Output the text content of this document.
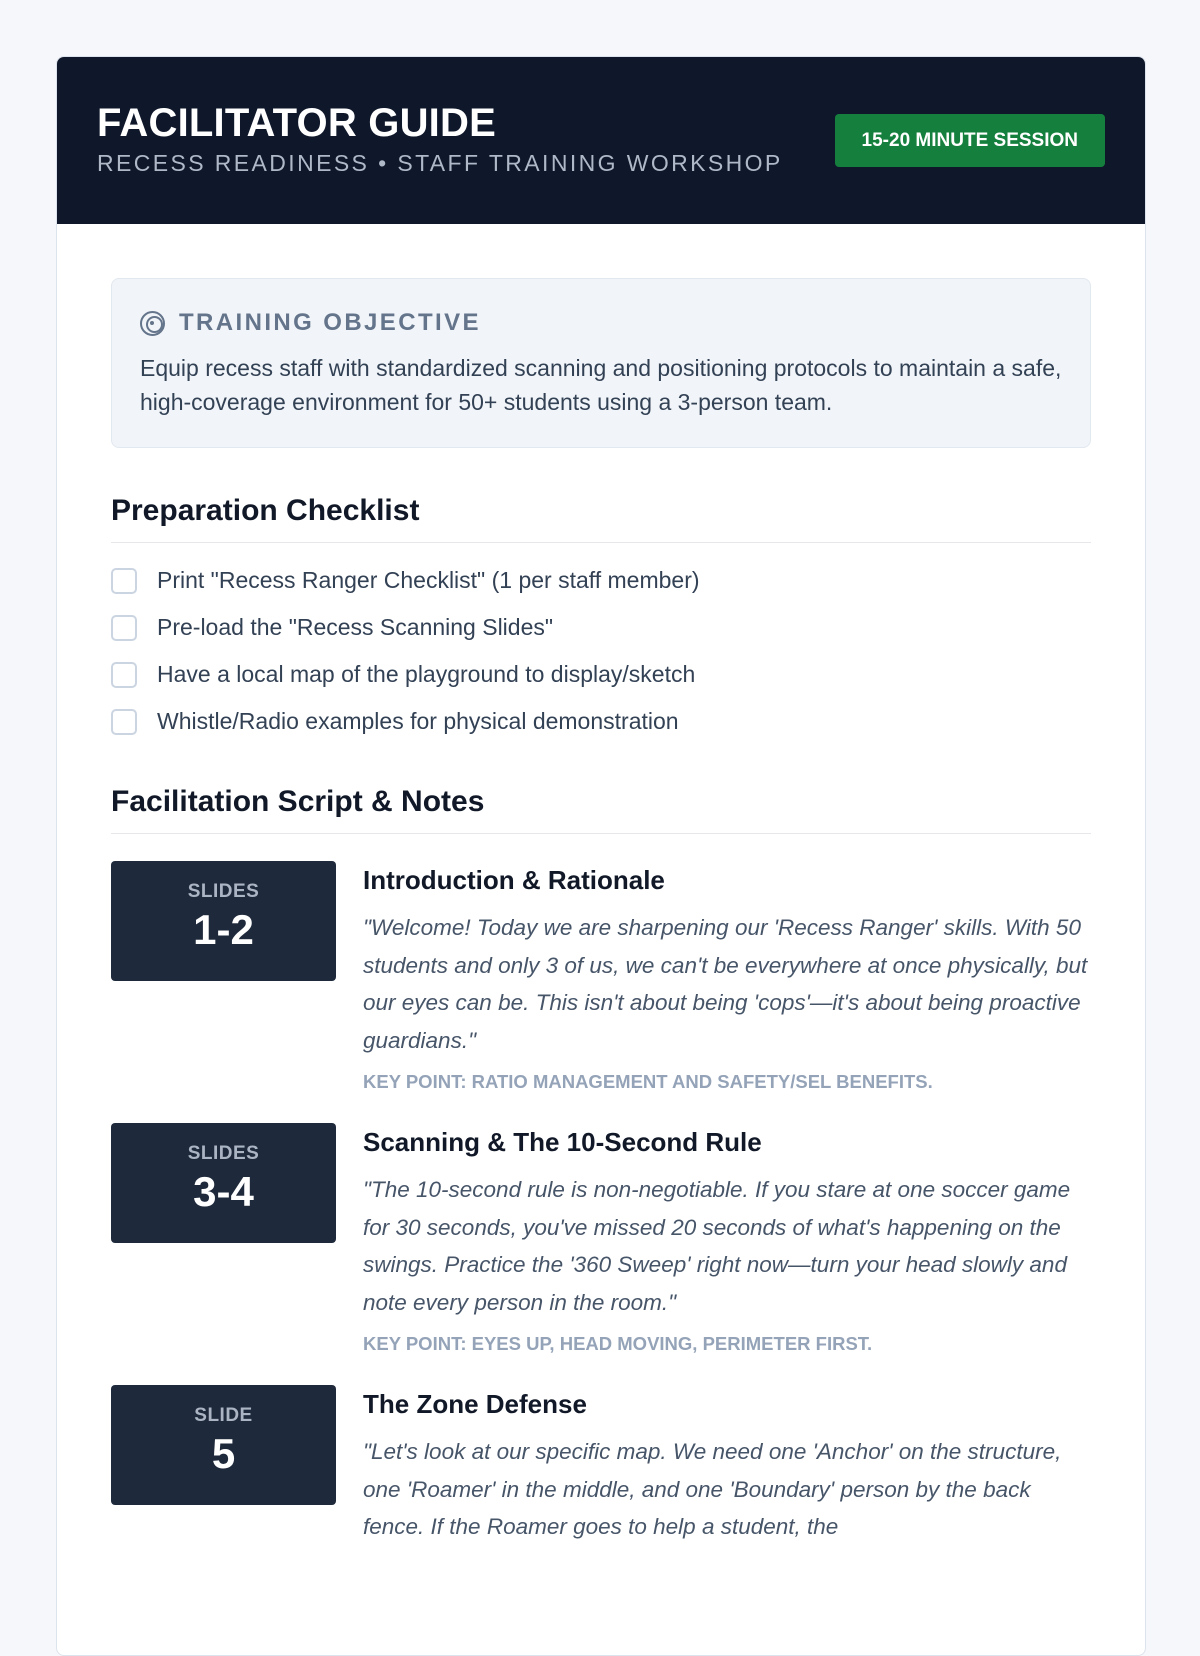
FACILITATOR GUIDE
RECESS READINESS • STAFF TRAINING WORKSHOP
15-20 MINUTE SESSION
TRAINING OBJECTIVE

Equip recess staff with standardized scanning and positioning protocols to maintain a safe, high-coverage environment for 50+ students using a 3-person team.

Preparation Checklist
Print "Recess Ranger Checklist" (1 per staff member)
Pre-load the "Recess Scanning Slides"
Have a local map of the playground to display/sketch
Whistle/Radio examples for physical demonstration
Facilitation Script & Notes
SLIDES
1-2
Introduction & Rationale

"Welcome! Today we are sharpening our 'Recess Ranger' skills. With 50 students and only 3 of us, we can't be everywhere at once physically, but our eyes can be. This isn't about being 'cops'—it's about being proactive guardians."

KEY POINT: RATIO MANAGEMENT AND SAFETY/SEL BENEFITS.

SLIDES
3-4
Scanning & The 10-Second Rule

"The 10-second rule is non-negotiable. If you stare at one soccer game for 30 seconds, you've missed 20 seconds of what's happening on the swings. Practice the '360 Sweep' right now—turn your head slowly and note every person in the room."

KEY POINT: EYES UP, HEAD MOVING, PERIMETER FIRST.

SLIDE
5
The Zone Defense

"Let's look at our specific map. We need one 'Anchor' on the structure, one 'Roamer' in the middle, and one 'Boundary' person by the back fence. If the Roamer goes to help a student, the
